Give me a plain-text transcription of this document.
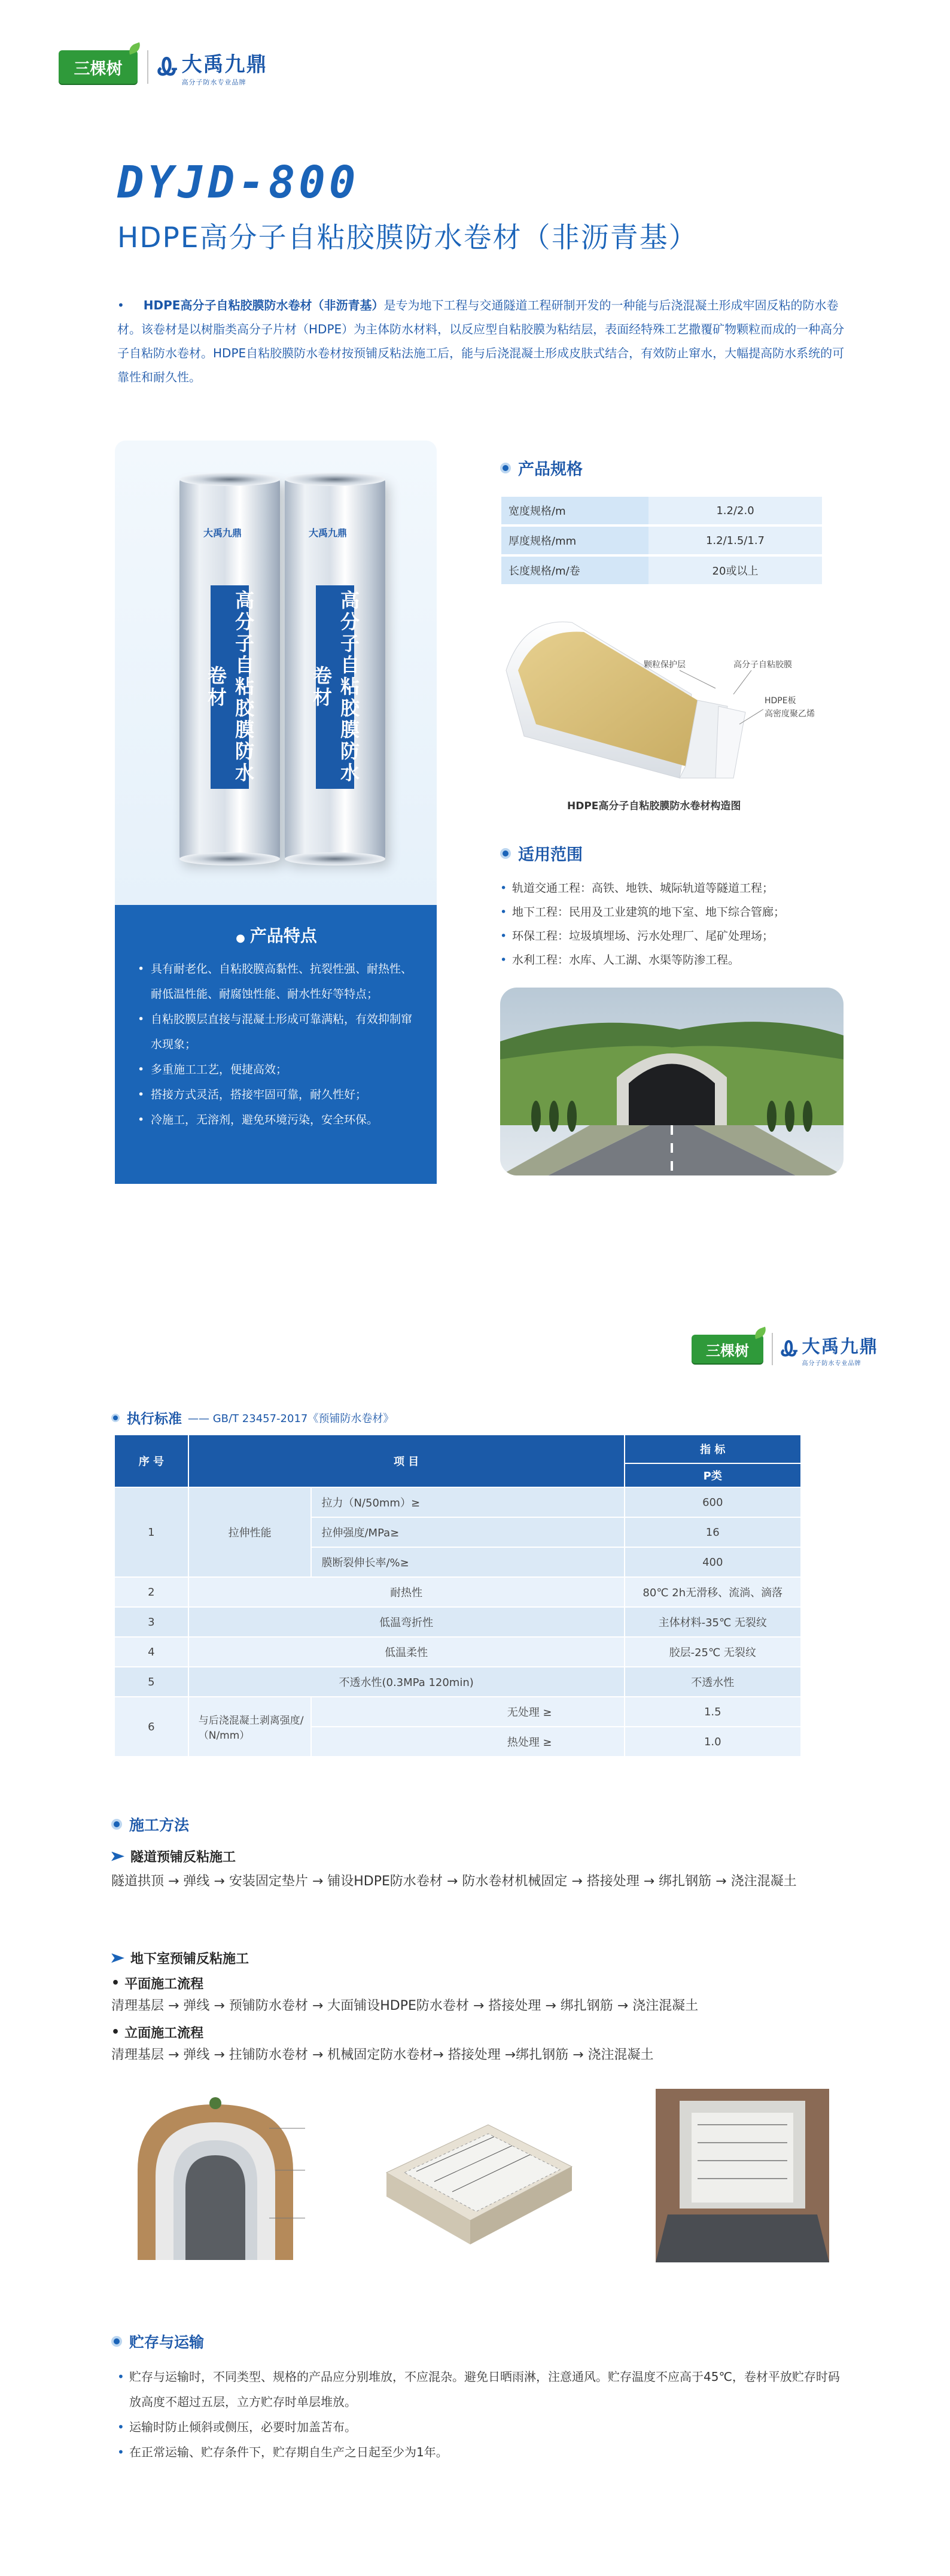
三棵树 Ꮂ 大禹九鼎
高分子防水专业品牌
DYJD-800
HDPE高分子自粘胶膜防水卷材（非沥青基）
• HDPE高分子自粘胶膜防水卷材（非沥青基）是专为地下工程与交通隧道工程研制开发的一种能与后浇混凝土形成牢固反粘的防水卷材。该卷材是以树脂类高分子片材（HDPE）为主体防水材料，以反应型自粘胶膜为粘结层，表面经特殊工艺撒覆矿物颗粒而成的一种高分子自粘防水卷材。HDPE自粘胶膜防水卷材按预铺反粘法施工后，能与后浇混凝土形成皮肤式结合，有效防止窜水，大幅提高防水系统的可靠性和耐久性。
大禹九鼎
高分子自粘胶膜防水卷材
大禹九鼎
高分子自粘胶膜防水卷材
● 产品特点
• 具有耐老化、自粘胶膜高黏性、抗裂性强、耐热性、耐低温性能、耐腐蚀性能、耐水性好等特点；
• 自粘胶膜层直接与混凝土形成可靠满粘，有效抑制窜水现象；
• 多重施工工艺，便捷高效；
• 搭接方式灵活，搭接牢固可靠，耐久性好；
• 冷施工，无溶剂，避免环境污染，安全环保。
产品规格
宽度规格/m	1.2/2.0
厚度规格/mm	1.2/1.5/1.7
长度规格/m/卷	20或以上
颗粒保护层	高分子自粘胶膜
HDPE板
高密度聚乙烯
HDPE高分子自粘胶膜防水卷材构造图
适用范围
• 轨道交通工程：高铁、地铁、城际轨道等隧道工程；
• 地下工程：民用及工业建筑的地下室、地下综合管廊；
• 环保工程：垃圾填埋场、污水处理厂、尾矿处理场；
• 水利工程：水库、人工湖、水渠等防渗工程。
三棵树 Ꮂ 大禹九鼎
高分子防水专业品牌
执行标准 —— GB/T 23457-2017《预铺防水卷材》
序 号	项 目		指 标
			P类
1	拉伸性能	拉力（N/50mm）≥	600
		拉伸强度/MPa≥	16
		膜断裂伸长率/%≥	400
2	耐热性		80℃ 2h无滑移、流淌、滴落
3	低温弯折性		主体材料-35℃ 无裂纹
4	低温柔性		胶层-25℃ 无裂纹
5	不透水性(0.3MPa 120min)		不透水性
6	与后浇混凝土剥离强度/（N/mm）	无处理 ≥	1.5
		热处理 ≥	1.0
施工方法
隧道预铺反粘施工
隧道拱顶 → 弹线 → 安装固定垫片 → 铺设HDPE防水卷材 → 防水卷材机械固定 → 搭接处理 → 绑扎钢筋 → 浇注混凝土
地下室预铺反粘施工
• 平面施工流程
清理基层 → 弹线 → 预铺防水卷材 → 大面铺设HDPE防水卷材 → 搭接处理 → 绑扎钢筋 → 浇注混凝土
• 立面施工流程
清理基层 → 弹线 → 拄铺防水卷材 → 机械固定防水卷材→ 搭接处理 →绑扎钢筋 → 浇注混凝土
贮存与运输
• 贮存与运输时，不同类型、规格的产品应分别堆放，不应混杂。避免日晒雨淋，注意通风。贮存温度不应高于45℃，卷材平放贮存时码放高度不超过五层，立方贮存时单层堆放。
• 运输时防止倾斜或侧压，必要时加盖苫布。
• 在正常运输、贮存条件下，贮存期自生产之日起至少为1年。
